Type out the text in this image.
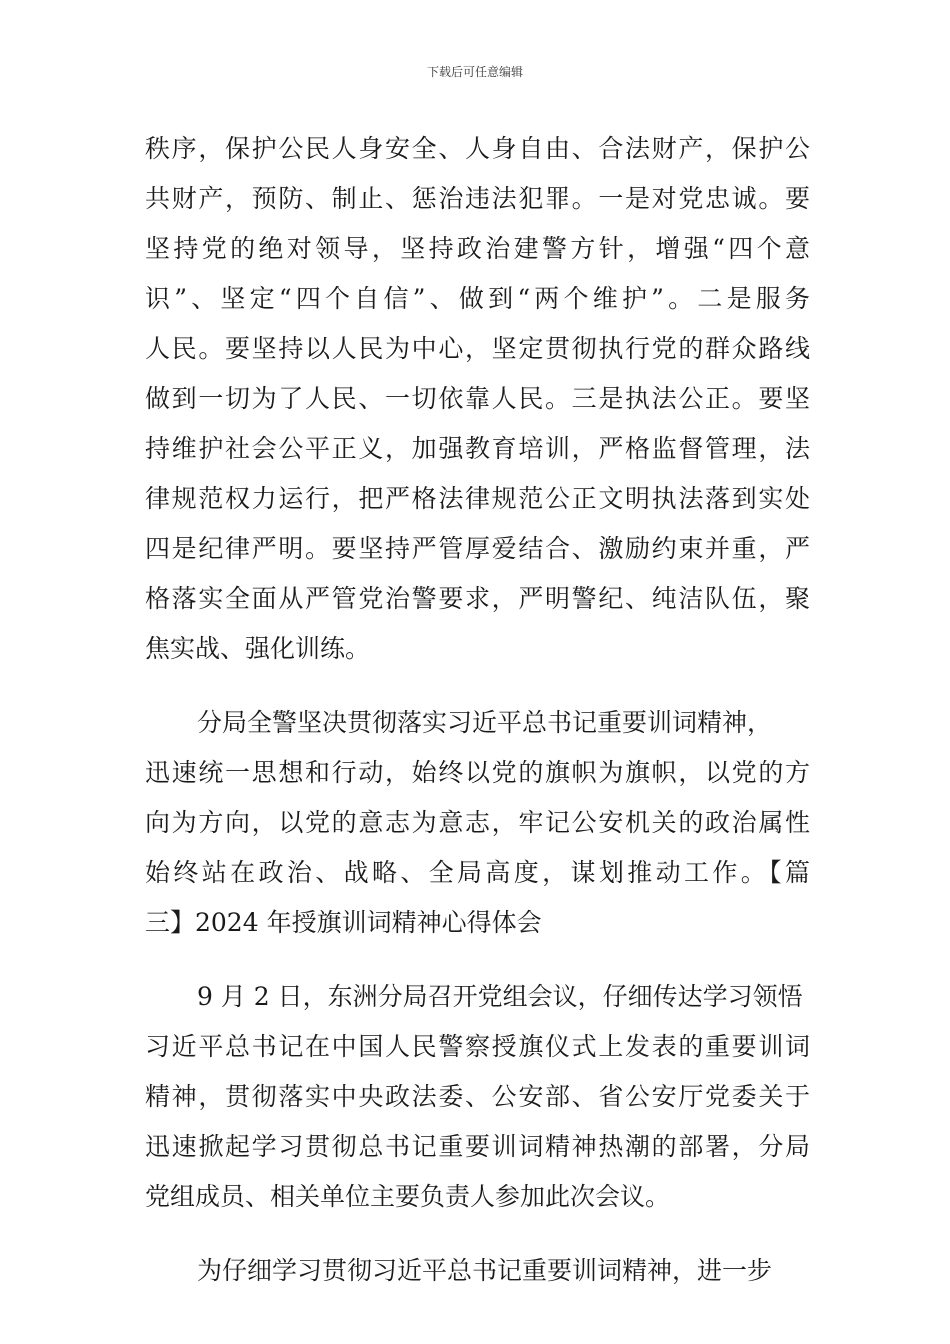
下载后可任意编辑
秩序，保护公民人身安全、人身自由、合法财产，保护公
共财产，预防、制止、惩治违法犯罪。一是对党忠诚。要
坚持党的绝对领导，坚持政治建警方针，增强“四个意
识”、坚定“四个自信”、做到“两个维护”。二是服务
人民。要坚持以人民为中心，坚定贯彻执行党的群众路线
做到一切为了人民、一切依靠人民。三是执法公正。要坚
持维护社会公平正义，加强教育培训，严格监督管理，法
律规范权力运行，把严格法律规范公正文明执法落到实处
四是纪律严明。要坚持严管厚爱结合、激励约束并重，严
格落实全面从严管党治警要求，严明警纪、纯洁队伍，聚
焦实战、强化训练。
分局全警坚决贯彻落实习近平总书记重要训词精神，
迅速统一思想和行动，始终以党的旗帜为旗帜，以党的方
向为方向，以党的意志为意志，牢记公安机关的政治属性
始终站在政治、战略、全局高度，谋划推动工作。【篇
三】2024 年授旗训词精神心得体会
9 月 2 日，东洲分局召开党组会议，仔细传达学习领悟
习近平总书记在中国人民警察授旗仪式上发表的重要训词
精神，贯彻落实中央政法委、公安部、省公安厅党委关于
迅速掀起学习贯彻总书记重要训词精神热潮的部署，分局
党组成员、相关单位主要负责人参加此次会议。
为仔细学习贯彻习近平总书记重要训词精神，进一步
